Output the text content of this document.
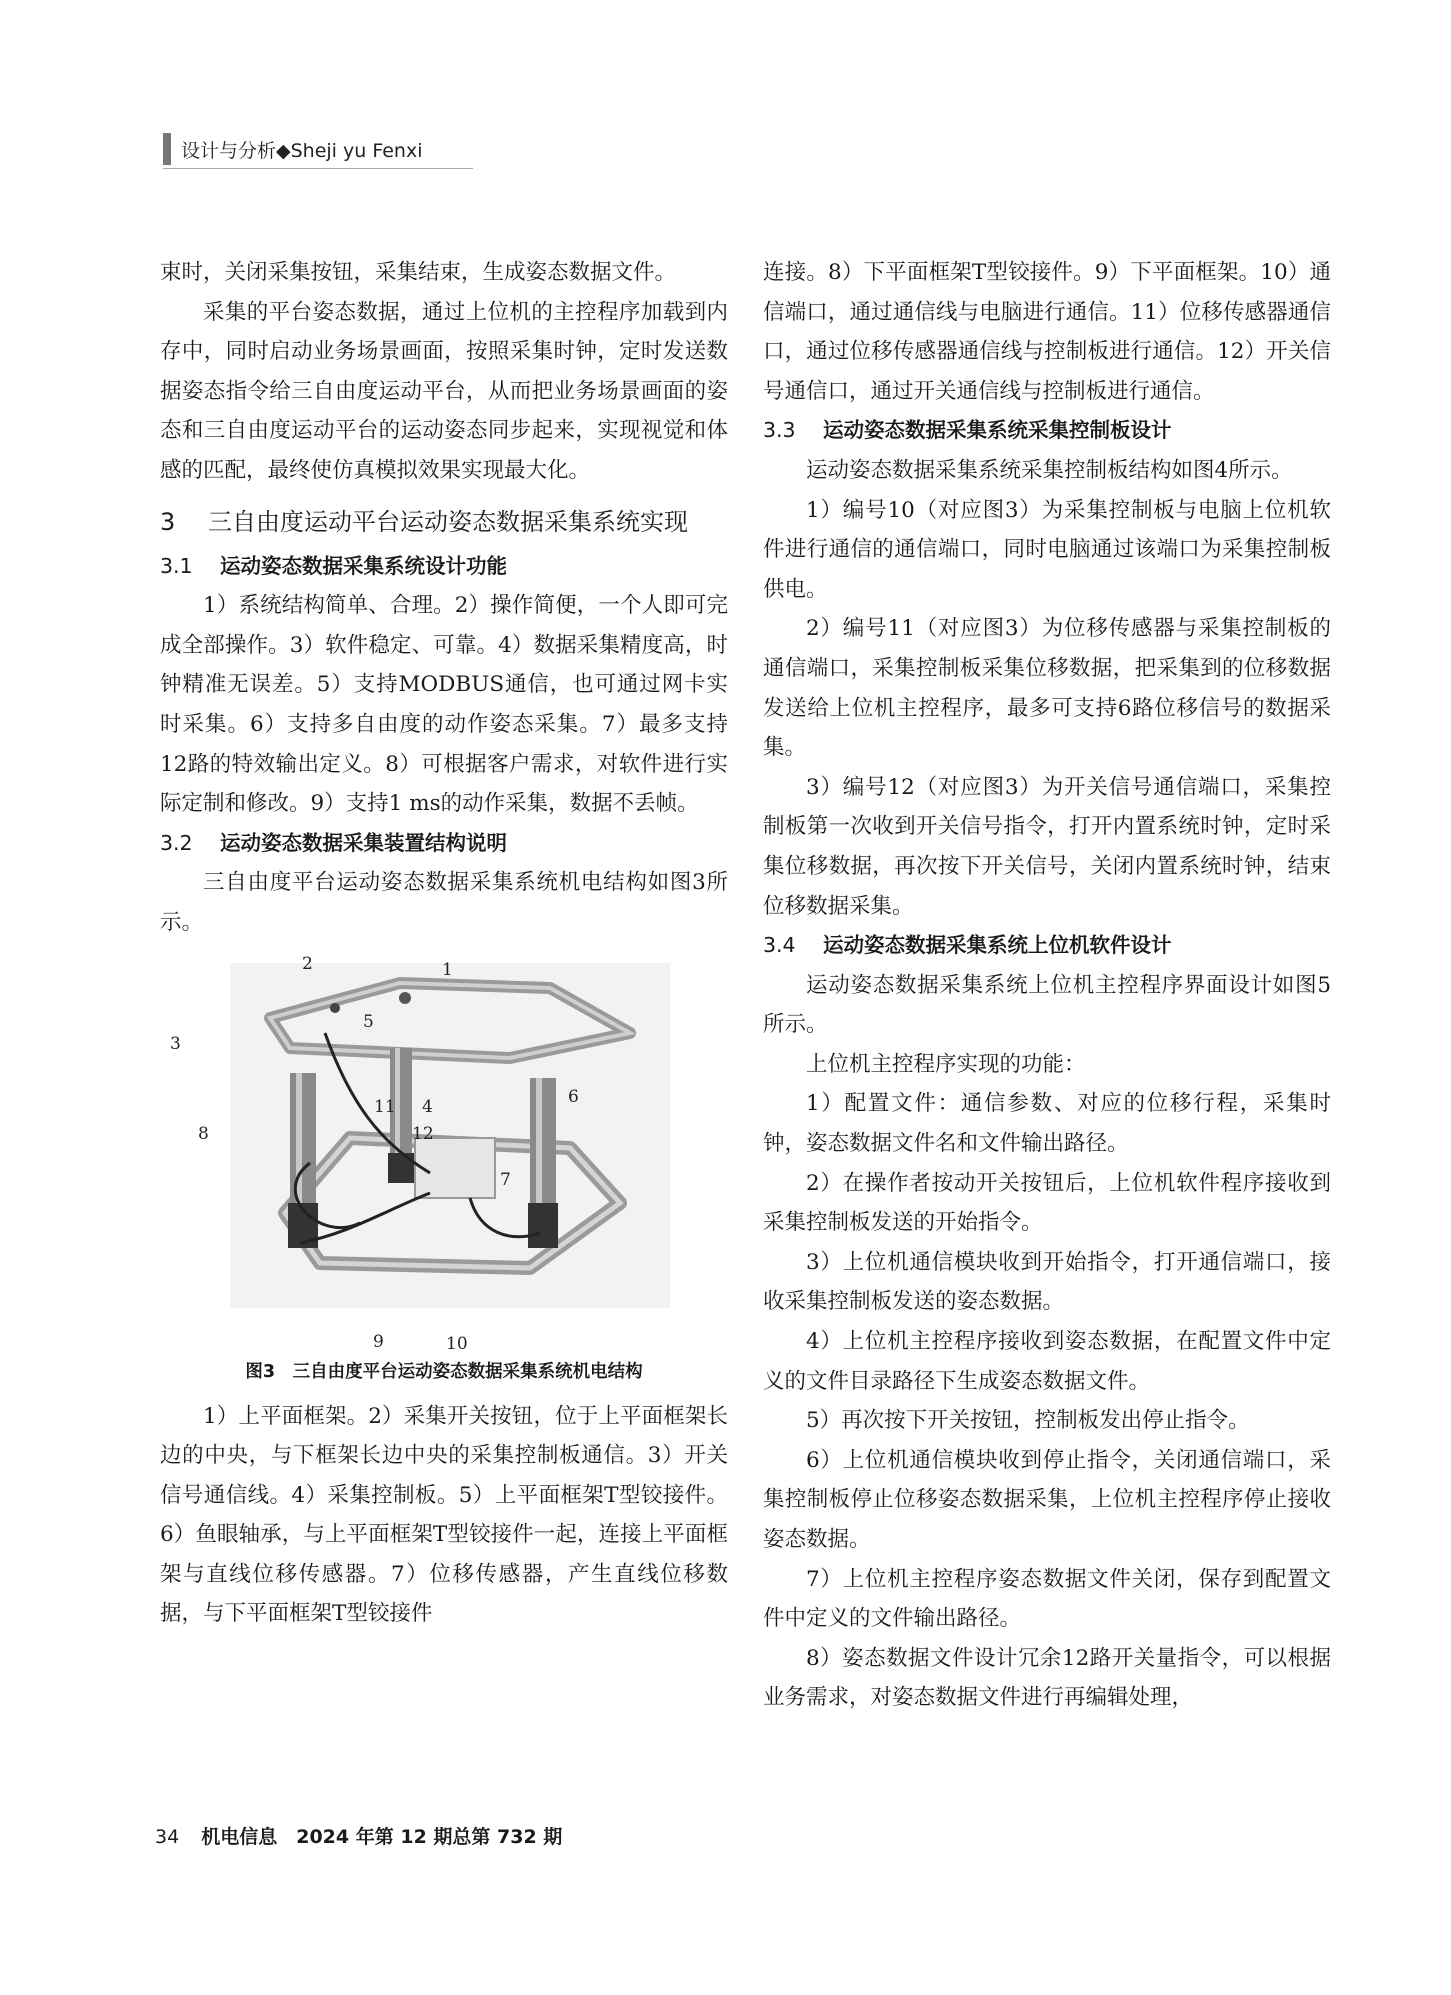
设计与分析◆Sheji yu Fenxi

束时，关闭采集按钮，采集结束，生成姿态数据文件。

采集的平台姿态数据，通过上位机的主控程序加载到内存中，同时启动业务场景画面，按照采集时钟，定时发送数据姿态指令给三自由度运动平台，从而把业务场景画面的姿态和三自由度运动平台的运动姿态同步起来，实现视觉和体感的匹配，最终使仿真模拟效果实现最大化。

3 三自由度运动平台运动姿态数据采集系统实现
3.1 运动姿态数据采集系统设计功能

1）系统结构简单、合理。2）操作简便，一个人即可完成全部操作。3）软件稳定、可靠。4）数据采集精度高，时钟精准无误差。5）支持MODBUS通信，也可通过网卡实时采集。6）支持多自由度的动作姿态采集。7）最多支持12路的特效输出定义。8）可根据客户需求，对软件进行实际定制和修改。9）支持1 ms的动作采集，数据不丢帧。

3.2 运动姿态数据采集装置结构说明

三自由度平台运动姿态数据采集系统机电结构如图3所示。

2	1
3
5
11 4
12
8
6
7
9	10
图3　三自由度平台运动姿态数据采集系统机电结构

1）上平面框架。2）采集开关按钮，位于上平面框架长边的中央，与下框架长边中央的采集控制板通信。3）开关信号通信线。4）采集控制板。5）上平面框架T型铰接件。6）鱼眼轴承，与上平面框架T型铰接件一起，连接上平面框架与直线位移传感器。7）位移传感器，产生直线位移数据，与下平面框架T型铰接件

连接。8）下平面框架T型铰接件。9）下平面框架。10）通信端口，通过通信线与电脑进行通信。11）位移传感器通信口，通过位移传感器通信线与控制板进行通信。12）开关信号通信口，通过开关通信线与控制板进行通信。

3.3 运动姿态数据采集系统采集控制板设计

运动姿态数据采集系统采集控制板结构如图4所示。

1）编号10（对应图3）为采集控制板与电脑上位机软件进行通信的通信端口，同时电脑通过该端口为采集控制板供电。

2）编号11（对应图3）为位移传感器与采集控制板的通信端口，采集控制板采集位移数据，把采集到的位移数据发送给上位机主控程序，最多可支持6路位移信号的数据采集。

3）编号12（对应图3）为开关信号通信端口，采集控制板第一次收到开关信号指令，打开内置系统时钟，定时采集位移数据，再次按下开关信号，关闭内置系统时钟，结束位移数据采集。

3.4 运动姿态数据采集系统上位机软件设计

运动姿态数据采集系统上位机主控程序界面设计如图5所示。

上位机主控程序实现的功能：

1）配置文件：通信参数、对应的位移行程，采集时钟，姿态数据文件名和文件输出路径。

2）在操作者按动开关按钮后，上位机软件程序接收到采集控制板发送的开始指令。

3）上位机通信模块收到开始指令，打开通信端口，接收采集控制板发送的姿态数据。

4）上位机主控程序接收到姿态数据，在配置文件中定义的文件目录路径下生成姿态数据文件。

5）再次按下开关按钮，控制板发出停止指令。

6）上位机通信模块收到停止指令，关闭通信端口，采集控制板停止位移姿态数据采集，上位机主控程序停止接收姿态数据。

7）上位机主控程序姿态数据文件关闭，保存到配置文件中定义的文件输出路径。

8）姿态数据文件设计冗余12路开关量指令，可以根据业务需求，对姿态数据文件进行再编辑处理，

34 机电信息　2024 年第 12 期总第 732 期
